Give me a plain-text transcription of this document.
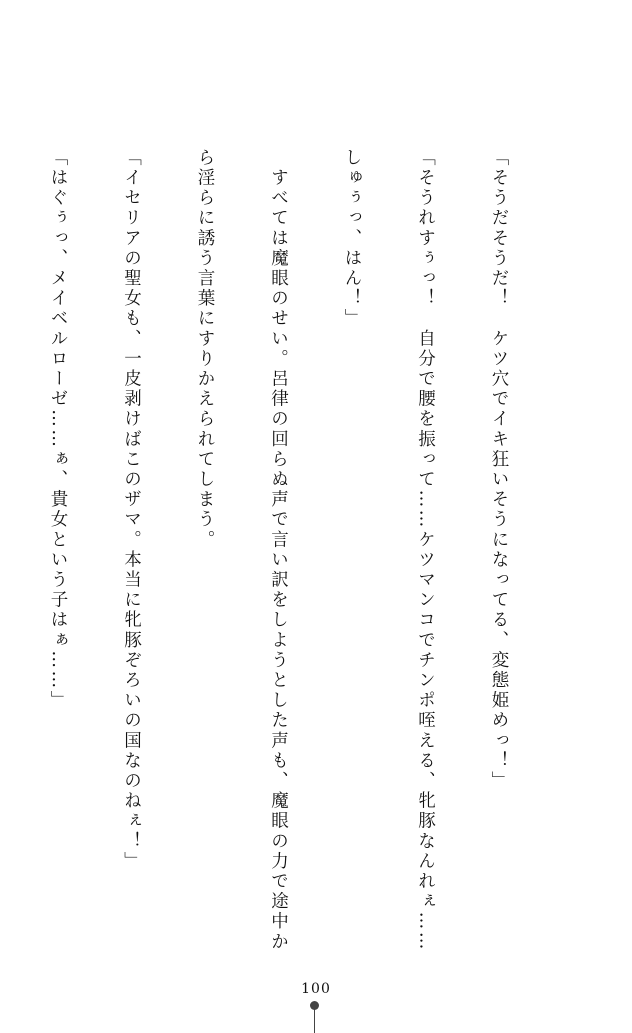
「そうだそうだ！　ケツ穴でイキ狂いそうになってる、変態姫めっ！」

「そうれすぅっ！　自分で腰を振って……ケツマンコでチンポ咥える、牝豚なんれぇ……

しゅぅっ、はん！」

　すべては魔眼のせい。呂律の回らぬ声で言い訳をしようとした声も、魔眼の力で途中か

ら淫らに誘う言葉にすりかえられてしまう。

「イセリアの聖女も、一皮剥けばこのザマ。本当に牝豚ぞろいの国なのねぇ！」

「はぐぅっ、メイベルローゼ……ぁ、貴女という子はぁ……」

100
